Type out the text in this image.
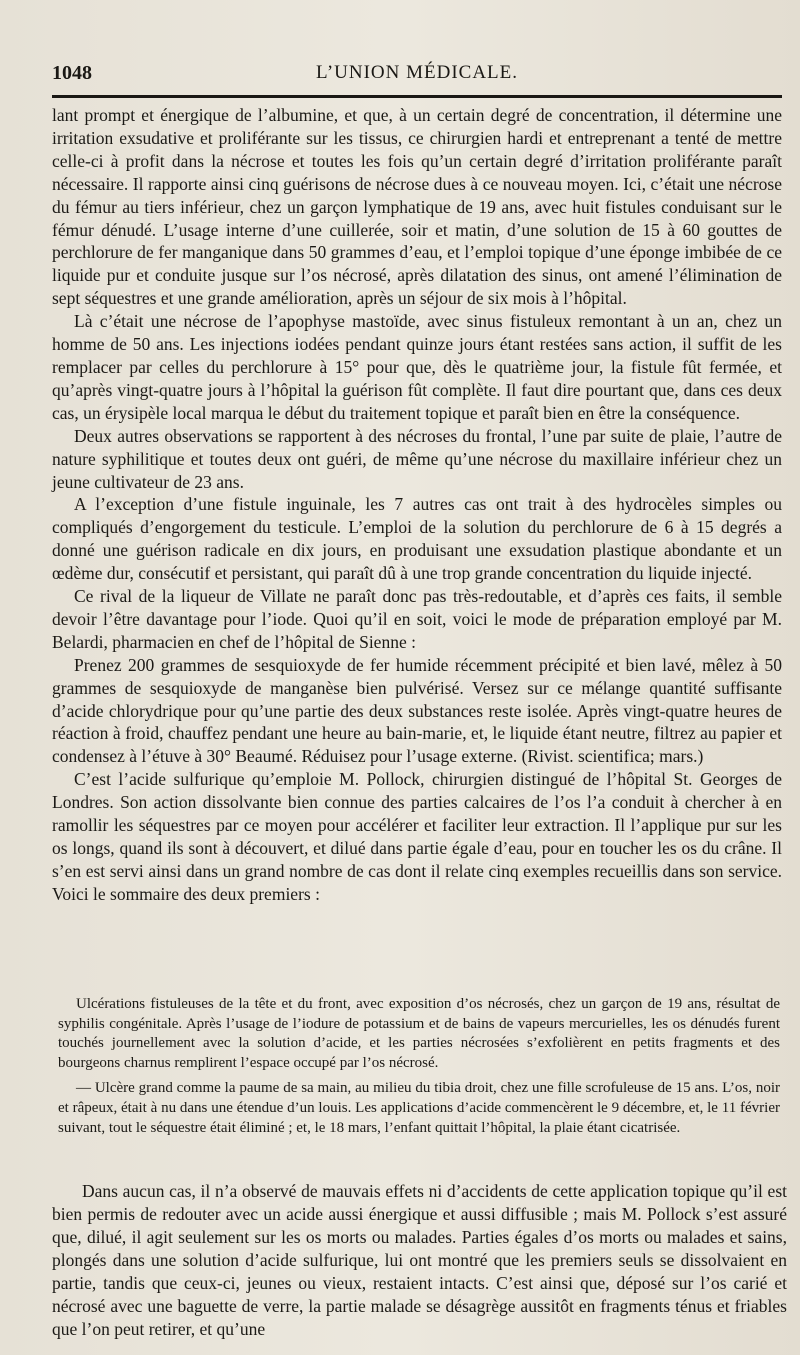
1048	L’UNION MÉDICALE.

lant prompt et énergique de l’albumine, et que, à un certain degré de concentration, il détermine une irritation exsudative et proliférante sur les tissus, ce chirurgien hardi et entreprenant a tenté de mettre celle-ci à profit dans la nécrose et toutes les fois qu’un certain degré d’irritation proliférante paraît nécessaire. Il rapporte ainsi cinq guérisons de nécrose dues à ce nouveau moyen. Ici, c’était une nécrose du fémur au tiers inférieur, chez un garçon lymphatique de 19 ans, avec huit fistules conduisant sur le fémur dénudé. L’usage interne d’une cuillerée, soir et matin, d’une solution de 15 à 60 gouttes de perchlorure de fer manganique dans 50 grammes d’eau, et l’emploi topique d’une éponge imbibée de ce liquide pur et conduite jusque sur l’os nécrosé, après dilatation des sinus, ont amené l’élimination de sept séquestres et une grande amélioration, après un séjour de six mois à l’hôpital.

Là c’était une nécrose de l’apophyse mastoïde, avec sinus fistuleux remontant à un an, chez un homme de 50 ans. Les injections iodées pendant quinze jours étant restées sans action, il suffit de les remplacer par celles du perchlorure à 15° pour que, dès le quatrième jour, la fistule fût fermée, et qu’après vingt-quatre jours à l’hôpital la guérison fût complète. Il faut dire pourtant que, dans ces deux cas, un érysipèle local marqua le début du traitement topique et paraît bien en être la conséquence.

Deux autres observations se rapportent à des nécroses du frontal, l’une par suite de plaie, l’autre de nature syphilitique et toutes deux ont guéri, de même qu’une nécrose du maxillaire inférieur chez un jeune cultivateur de 23 ans.

A l’exception d’une fistule inguinale, les 7 autres cas ont trait à des hydrocèles simples ou compliqués d’engorgement du testicule. L’emploi de la solution du perchlorure de 6 à 15 degrés a donné une guérison radicale en dix jours, en produisant une exsudation plastique abondante et un œdème dur, consécutif et persistant, qui paraît dû à une trop grande concentration du liquide injecté.

Ce rival de la liqueur de Villate ne paraît donc pas très-redoutable, et d’après ces faits, il semble devoir l’être davantage pour l’iode. Quoi qu’il en soit, voici le mode de préparation employé par M. Belardi, pharmacien en chef de l’hôpital de Sienne :

Prenez 200 grammes de sesquioxyde de fer humide récemment précipité et bien lavé, mêlez à 50 grammes de sesquioxyde de manganèse bien pulvérisé. Versez sur ce mélange quantité suffisante d’acide chlorydrique pour qu’une partie des deux substances reste isolée. Après vingt-quatre heures de réaction à froid, chauffez pendant une heure au bain-marie, et, le liquide étant neutre, filtrez au papier et condensez à l’étuve à 30° Beaumé. Réduisez pour l’usage externe. (Rivist. scientifica; mars.)

C’est l’acide sulfurique qu’emploie M. Pollock, chirurgien distingué de l’hôpital St. Georges de Londres. Son action dissolvante bien connue des parties calcaires de l’os l’a conduit à chercher à en ramollir les séquestres par ce moyen pour accélérer et faciliter leur extraction. Il l’applique pur sur les os longs, quand ils sont à découvert, et dilué dans partie égale d’eau, pour en toucher les os du crâne. Il s’en est servi ainsi dans un grand nombre de cas dont il relate cinq exemples recueillis dans son service. Voici le sommaire des deux premiers :

Ulcérations fistuleuses de la tête et du front, avec exposition d’os nécrosés, chez un garçon de 19 ans, résultat de syphilis congénitale. Après l’usage de l’iodure de potassium et de bains de vapeurs mercurielles, les os dénudés furent touchés journellement avec la solution d’acide, et les parties nécrosées s’exfolièrent en petits fragments et des bourgeons charnus remplirent l’espace occupé par l’os nécrosé.

— Ulcère grand comme la paume de sa main, au milieu du tibia droit, chez une fille scrofuleuse de 15 ans. L’os, noir et râpeux, était à nu dans une étendue d’un louis. Les applications d’acide commencèrent le 9 décembre, et, le 11 février suivant, tout le séquestre était éliminé ; et, le 18 mars, l’enfant quittait l’hôpital, la plaie étant cicatrisée.

Dans aucun cas, il n’a observé de mauvais effets ni d’accidents de cette application topique qu’il est bien permis de redouter avec un acide aussi énergique et aussi diffusible ; mais M. Pollock s’est assuré que, dilué, il agit seulement sur les os morts ou malades. Parties égales d’os morts ou malades et sains, plongés dans une solution d’acide sulfurique, lui ont montré que les premiers seuls se dissolvaient en partie, tandis que ceux-ci, jeunes ou vieux, restaient intacts. C’est ainsi que, déposé sur l’os carié et nécrosé avec une baguette de verre, la partie malade se désagrège aussitôt en fragments ténus et friables que l’on peut retirer, et qu’une
